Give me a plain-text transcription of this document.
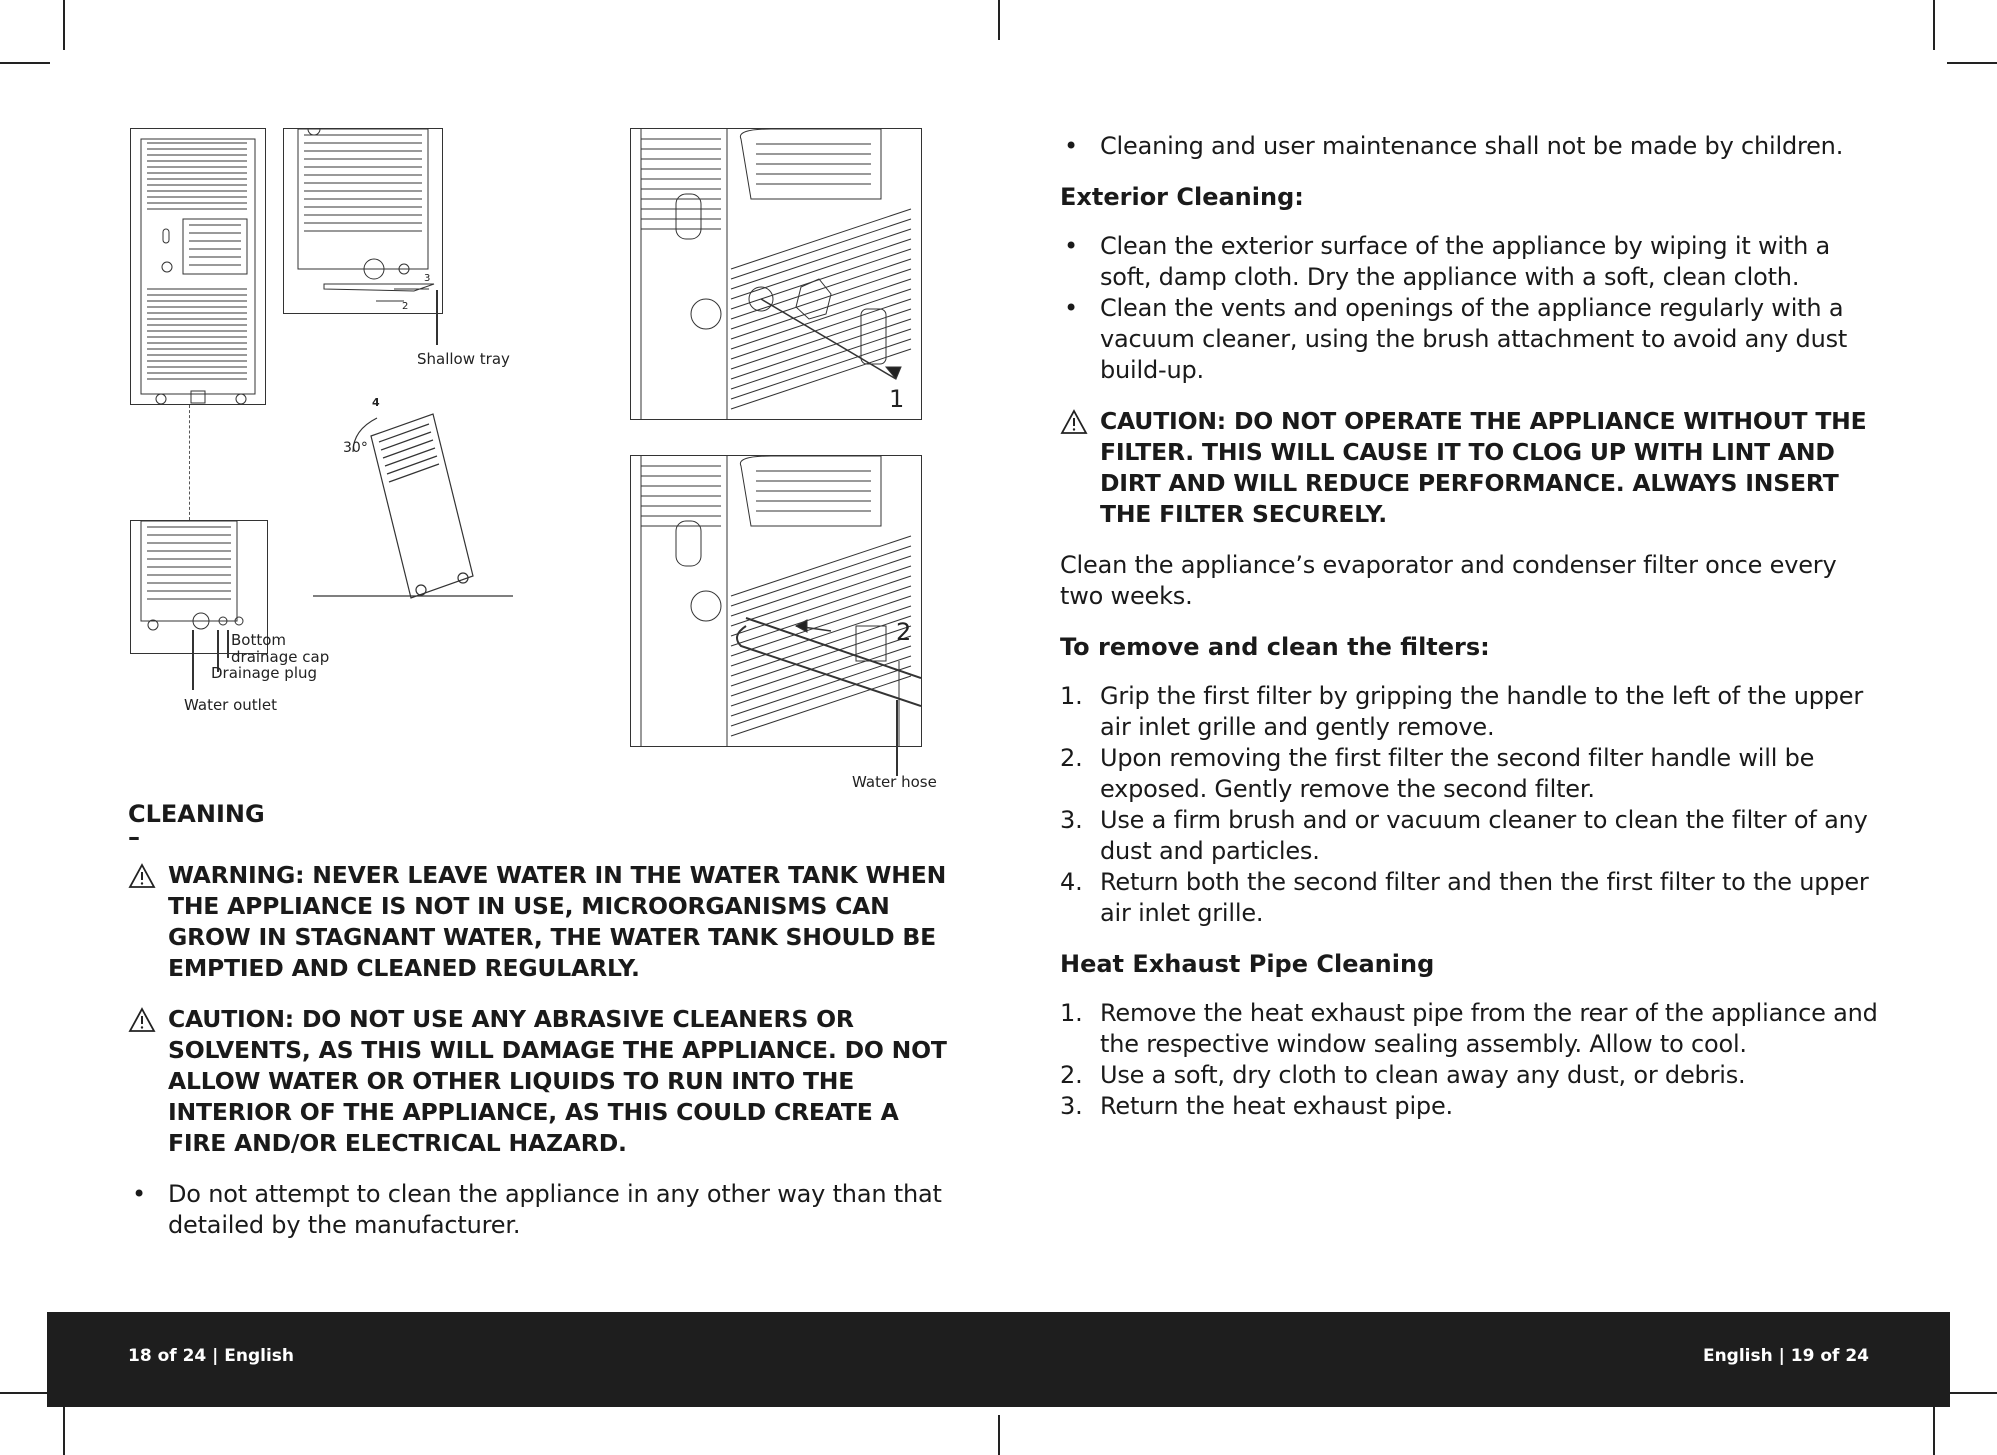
3
2
Shallow tray
4
30°
Bottom
drainage cap
Drainage plug
Water outlet
1
2
Water hose

CLEANING

–

WARNING: NEVER LEAVE WATER IN THE WATER TANK WHEN THE APPLIANCE IS NOT IN USE, MICROORGANISMS CAN GROW IN STAGNANT WATER, THE WATER TANK SHOULD BE EMPTIED AND CLEANED REGULARLY.
CAUTION: DO NOT USE ANY ABRASIVE CLEANERS OR SOLVENTS, AS THIS WILL DAMAGE THE APPLIANCE. DO NOT ALLOW WATER OR OTHER LIQUIDS TO RUN INTO THE INTERIOR OF THE APPLIANCE, AS THIS COULD CREATE A FIRE AND/OR ELECTRICAL HAZARD.
• Do not attempt to clean the appliance in any other way than that detailed by the manufacturer.
• Cleaning and user maintenance shall not be made by children.

Exterior Cleaning:

• Clean the exterior surface of the appliance by wiping it with a soft, damp cloth. Dry the appliance with a soft, clean cloth.
• Clean the vents and openings of the appliance regularly with a vacuum cleaner, using the brush attachment to avoid any dust build-up.
CAUTION: DO NOT OPERATE THE APPLIANCE WITHOUT THE FILTER. THIS WILL CAUSE IT TO CLOG UP WITH LINT AND DIRT AND WILL REDUCE PERFORMANCE. ALWAYS INSERT THE FILTER SECURELY.

Clean the appliance’s evaporator and condenser filter once every two weeks.

To remove and clean the filters:

1. Grip the first filter by gripping the handle to the left of the upper air inlet grille and gently remove.
2. Upon removing the first filter the second filter handle will be exposed. Gently remove the second filter.
3. Use a firm brush and or vacuum cleaner to clean the filter of any dust and particles.
4. Return both the second filter and then the first filter to the upper air inlet grille.

Heat Exhaust Pipe Cleaning

1. Remove the heat exhaust pipe from the rear of the appliance and the respective window sealing assembly. Allow to cool.
2. Use a soft, dry cloth to clean away any dust, or debris.
3. Return the heat exhaust pipe.
18 of 24 | English	English | 19 of 24
